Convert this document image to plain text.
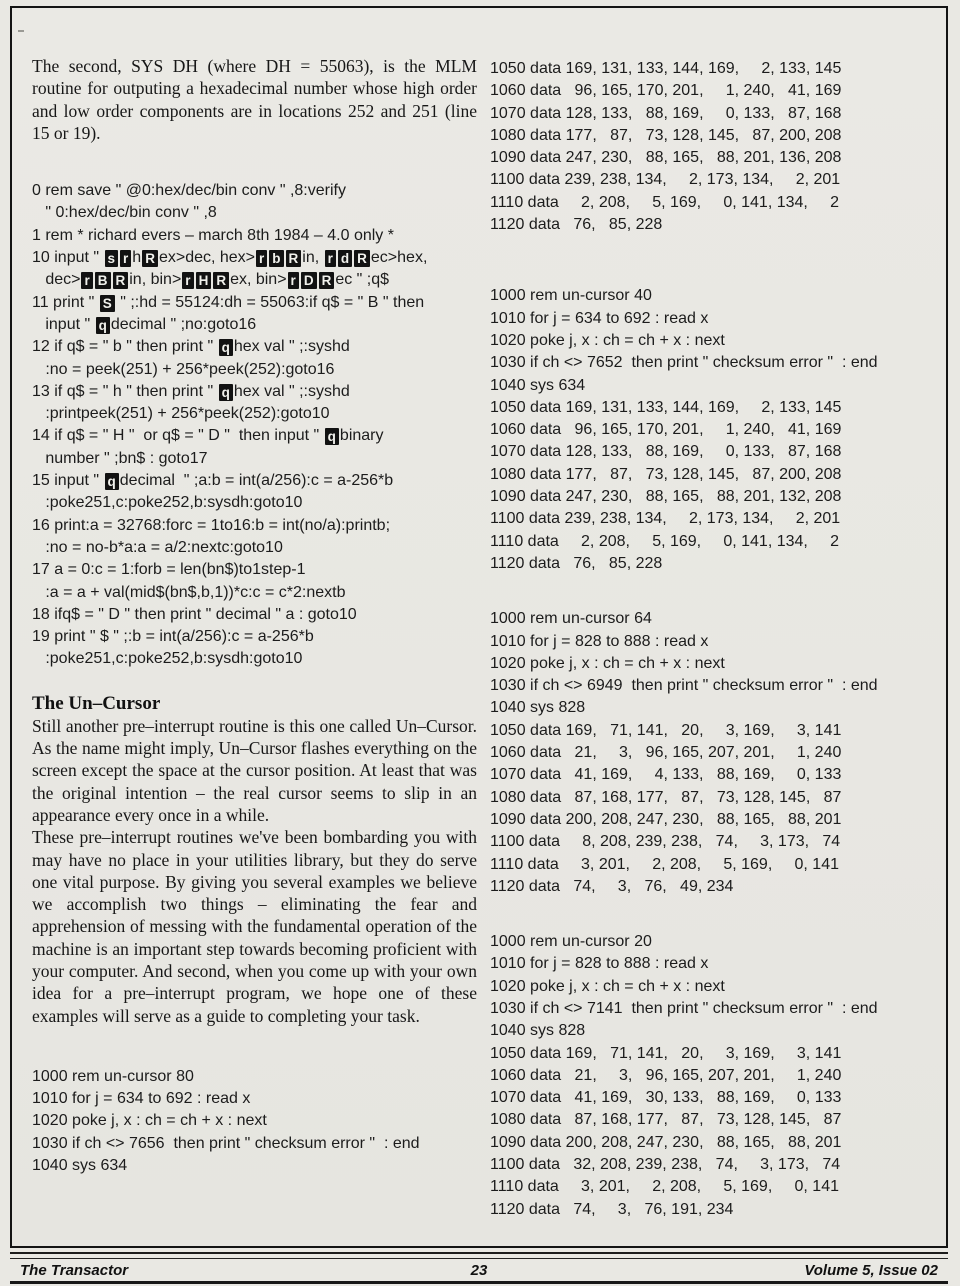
The second, SYS DH (where DH = 55063), is the MLM routine for outputing a hexadecimal number whose high order and low order components are in locations 252 and 251 (line 15 or 19).

0 rem save " @0:hex/dec/bin conv " ,8:verify
" 0:hex/dec/bin conv " ,8
1 rem * richard evers – march 8th 1984 – 4.0 only *
10 input " s r h R ex>dec, hex> r b R in, r d R ec>hex,
dec> r B R in, bin> r H R ex, bin> r D R ec " ;q$
11 print " S " ;:hd = 55124:dh = 55063:if q$ = " B " then
input " q decimal " ;no:goto16
12 if q$ = " b " then print " q hex val " ;:syshd
:no = peek(251) + 256*peek(252):goto16
13 if q$ = " h " then print " q hex val " ;:syshd
:printpeek(251) + 256*peek(252):goto10
14 if q$ = " H "  or q$ = " D "  then input " q binary
number " ;bn$ : goto17
15 input " q decimal  " ;a:b = int(a/256):c = a-256*b
:poke251,c:poke252,b:sysdh:goto10
16 print:a = 32768:forc = 1to16:b = int(no/a):printb;
:no = no-b*a:a = a/2:nextc:goto10
17 a = 0:c = 1:forb = len(bn$)to1step-1
:a = a + val(mid$(bn$,b,1))*c:c = c*2:nextb
18 ifq$ = " D " then print " decimal " a : goto10
19 print " $ " ;:b = int(a/256):c = a-256*b
:poke251,c:poke252,b:sysdh:goto10
The Un–Cursor

Still another pre–interrupt routine is this one called Un–Cursor. As the name might imply, Un–Cursor flashes everything on the screen except the space at the cursor position. At least that was the original intention – the real cursor seems to slip in an appearance every once in a while.

These pre–interrupt routines we've been bombarding you with may have no place in your utilities library, but they do serve one vital purpose. By giving you several examples we believe we accomplish two things – eliminating the fear and apprehension of messing with the fundamental operation of the machine is an important step towards becoming proficient with your computer. And second, when you come up with your own idea for a pre–interrupt program, we hope one of these examples will serve as a guide to completing your task.

1000 rem un-cursor 80
1010 for j = 634 to 692 : read x
1020 poke j, x : ch = ch + x : next
1030 if ch <> 7656  then print " checksum error "  : end
1040 sys 634
1050 data 169, 131, 133, 144, 169,     2, 133, 145
1060 data   96, 165, 170, 201,     1, 240,   41, 169
1070 data 128, 133,   88, 169,     0, 133,   87, 168
1080 data 177,   87,   73, 128, 145,   87, 200, 208
1090 data 247, 230,   88, 165,   88, 201, 136, 208
1100 data 239, 238, 134,     2, 173, 134,     2, 201
1110 data     2, 208,     5, 169,     0, 141, 134,     2
1120 data   76,   85, 228
1000 rem un-cursor 40
1010 for j = 634 to 692 : read x
1020 poke j, x : ch = ch + x : next
1030 if ch <> 7652  then print " checksum error "  : end
1040 sys 634
1050 data 169, 131, 133, 144, 169,     2, 133, 145
1060 data   96, 165, 170, 201,     1, 240,   41, 169
1070 data 128, 133,   88, 169,     0, 133,   87, 168
1080 data 177,   87,   73, 128, 145,   87, 200, 208
1090 data 247, 230,   88, 165,   88, 201, 132, 208
1100 data 239, 238, 134,     2, 173, 134,     2, 201
1110 data     2, 208,     5, 169,     0, 141, 134,     2
1120 data   76,   85, 228
1000 rem un-cursor 64
1010 for j = 828 to 888 : read x
1020 poke j, x : ch = ch + x : next
1030 if ch <> 6949  then print " checksum error "  : end
1040 sys 828
1050 data 169,   71, 141,   20,     3, 169,     3, 141
1060 data   21,     3,   96, 165, 207, 201,     1, 240
1070 data   41, 169,     4, 133,   88, 169,     0, 133
1080 data   87, 168, 177,   87,   73, 128, 145,   87
1090 data 200, 208, 247, 230,   88, 165,   88, 201
1100 data     8, 208, 239, 238,   74,     3, 173,   74
1110 data     3, 201,     2, 208,     5, 169,     0, 141
1120 data   74,     3,   76,   49, 234
1000 rem un-cursor 20
1010 for j = 828 to 888 : read x
1020 poke j, x : ch = ch + x : next
1030 if ch <> 7141  then print " checksum error "  : end
1040 sys 828
1050 data 169,   71, 141,   20,     3, 169,     3, 141
1060 data   21,     3,   96, 165, 207, 201,     1, 240
1070 data   41, 169,   30, 133,   88, 169,     0, 133
1080 data   87, 168, 177,   87,   73, 128, 145,   87
1090 data 200, 208, 247, 230,   88, 165,   88, 201
1100 data   32, 208, 239, 238,   74,     3, 173,   74
1110 data     3, 201,     2, 208,     5, 169,     0, 141
1120 data   74,     3,   76, 191, 234
The Transactor	23	Volume 5, Issue 02
